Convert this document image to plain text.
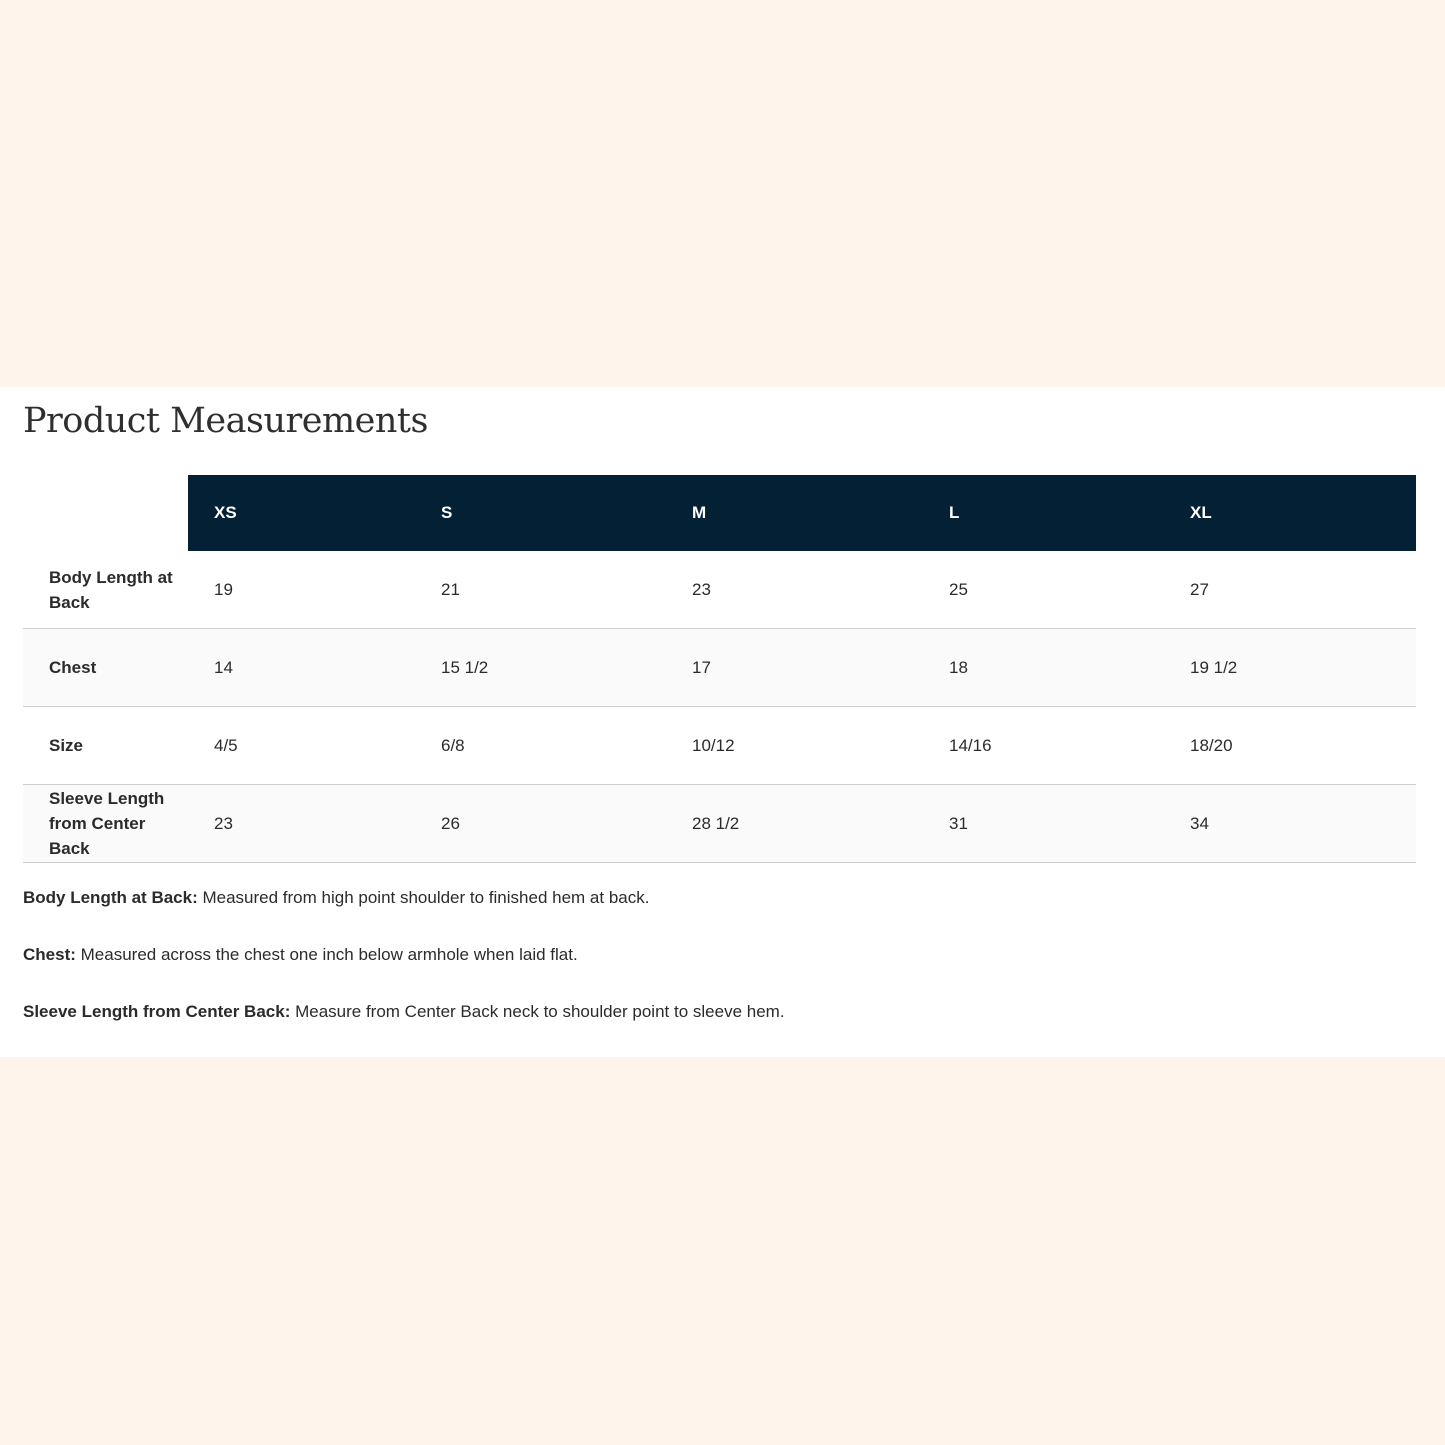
Product Measurements
	XS	S	M	L	XL
Body Length at Back	19	21	23	25	27
Chest	14	15 1/2	17	18	19 1/2
Size	4/5	6/8	10/12	14/16	18/20
Sleeve Length from Center Back	23	26	28 1/2	31	34

Body Length at Back: Measured from high point shoulder to finished hem at back.

Chest: Measured across the chest one inch below armhole when laid flat.

Sleeve Length from Center Back: Measure from Center Back neck to shoulder point to sleeve hem.
